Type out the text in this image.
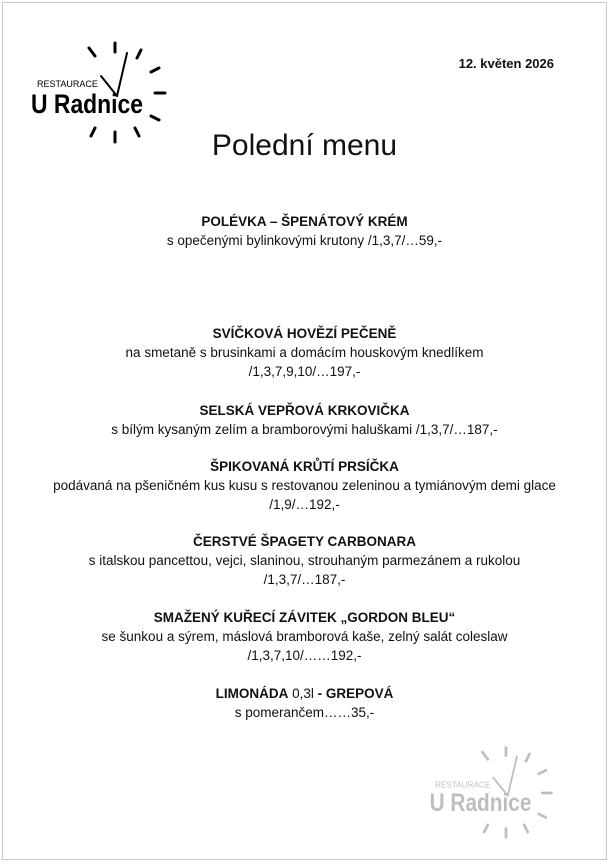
RESTAURACE
U Radnice
12. květen 2026
Polední menu
POLÉVKA – ŠPENÁTOVÝ KRÉM
s opečenými bylinkovými krutony /1,3,7/…59,-
SVÍČKOVÁ HOVĚZÍ PEČENĚ
na smetaně s brusinkami a domácím houskovým knedlíkem /1,3,7,9,10/…197,-
SELSKÁ VEPŘOVÁ KRKOVIČKA
s bílým kysaným zelím a bramborovými haluškami /1,3,7/…187,-
ŠPIKOVANÁ KRŮTÍ PRSÍČKA
podávaná na pšeničném kus kusu s restovanou zeleninou a tymiánovým demi glace /1,9/…192,-
ČERSTVÉ ŠPAGETY CARBONARA
s italskou pancettou, vejci, slaninou, strouhaným parmezánem a rukolou /1,3,7/…187,-
SMAŽENÝ KUŘECÍ ZÁVITEK „GORDON BLEU“
se šunkou a sýrem, máslová bramborová kaše, zelný salát coleslaw /1,3,7,10/……192,-
LIMONÁDA 0,3l - GREPOVÁ
s pomerančem……35,-
RESTAURACE
U Radnice
